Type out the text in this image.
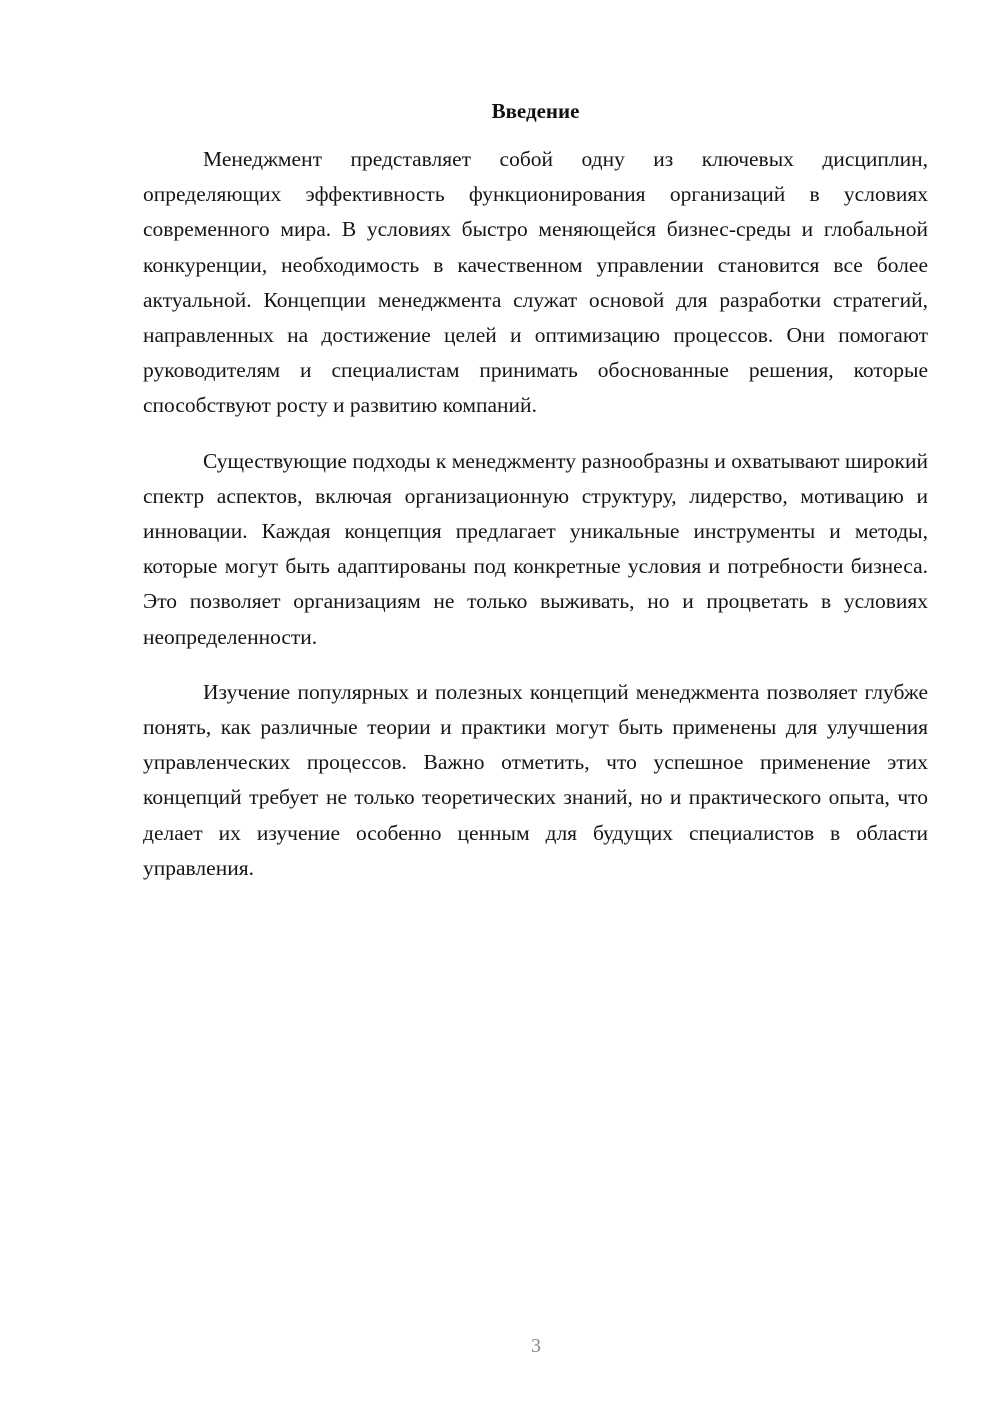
Введение

Менеджмент представляет собой одну из ключевых дисциплин, определяющих эффективность функционирования организаций в условиях современного мира. В условиях быстро меняющейся бизнес-среды и глобальной конкуренции, необходимость в качественном управлении становится все более актуальной. Концепции менеджмента служат основой для разработки стратегий, направленных на достижение целей и оптимизацию процессов. Они помогают руководителям и специалистам принимать обоснованные решения, которые способствуют росту и развитию компаний.

Существующие подходы к менеджменту разнообразны и охватывают широкий спектр аспектов, включая организационную структуру, лидерство, мотивацию и инновации. Каждая концепция предлагает уникальные инструменты и методы, которые могут быть адаптированы под конкретные условия и потребности бизнеса. Это позволяет организациям не только выживать, но и процветать в условиях неопределенности.

Изучение популярных и полезных концепций менеджмента позволяет глубже понять, как различные теории и практики могут быть применены для улучшения управленческих процессов. Важно отметить, что успешное применение этих концепций требует не только теоретических знаний, но и практического опыта, что делает их изучение особенно ценным для будущих специалистов в области управления.

3
